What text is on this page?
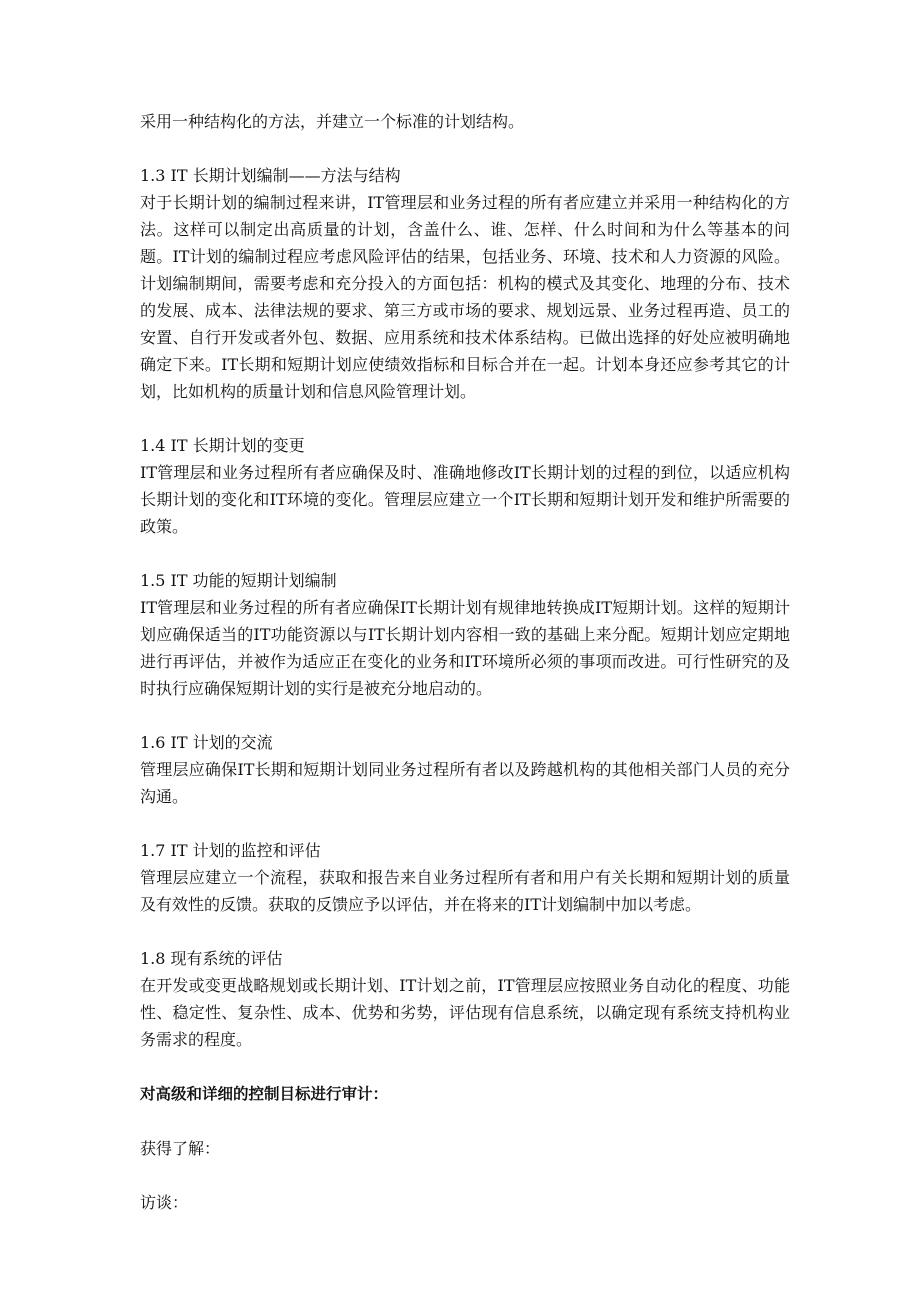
采用一种结构化的方法，并建立一个标准的计划结构。

1.3 IT 长期计划编制——方法与结构

对于长期计划的编制过程来讲，IT管理层和业务过程的所有者应建立并采用一种结构化的方法。这样可以制定出高质量的计划，含盖什么、谁、怎样、什么时间和为什么等基本的问题。IT计划的编制过程应考虑风险评估的结果，包括业务、环境、技术和人力资源的风险。计划编制期间，需要考虑和充分投入的方面包括：机构的模式及其变化、地理的分布、技术的发展、成本、法律法规的要求、第三方或市场的要求、规划远景、业务过程再造、员工的安置、自行开发或者外包、数据、应用系统和技术体系结构。已做出选择的好处应被明确地确定下来。IT长期和短期计划应使绩效指标和目标合并在一起。计划本身还应参考其它的计划，比如机构的质量计划和信息风险管理计划。

1.4 IT 长期计划的变更

IT管理层和业务过程所有者应确保及时、准确地修改IT长期计划的过程的到位，以适应机构长期计划的变化和IT环境的变化。管理层应建立一个IT长期和短期计划开发和维护所需要的政策。

1.5 IT 功能的短期计划编制

IT管理层和业务过程的所有者应确保IT长期计划有规律地转换成IT短期计划。这样的短期计划应确保适当的IT功能资源以与IT长期计划内容相一致的基础上来分配。短期计划应定期地进行再评估，并被作为适应正在变化的业务和IT环境所必须的事项而改进。可行性研究的及时执行应确保短期计划的实行是被充分地启动的。

1.6 IT 计划的交流

管理层应确保IT长期和短期计划同业务过程所有者以及跨越机构的其他相关部门人员的充分沟通。

1.7 IT 计划的监控和评估

管理层应建立一个流程，获取和报告来自业务过程所有者和用户有关长期和短期计划的质量及有效性的反馈。获取的反馈应予以评估，并在将来的IT计划编制中加以考虑。

1.8 现有系统的评估

在开发或变更战略规划或长期计划、IT计划之前，IT管理层应按照业务自动化的程度、功能性、稳定性、复杂性、成本、优势和劣势，评估现有信息系统，以确定现有系统支持机构业务需求的程度。

对高级和详细的控制目标进行审计：

获得了解：

访谈：
